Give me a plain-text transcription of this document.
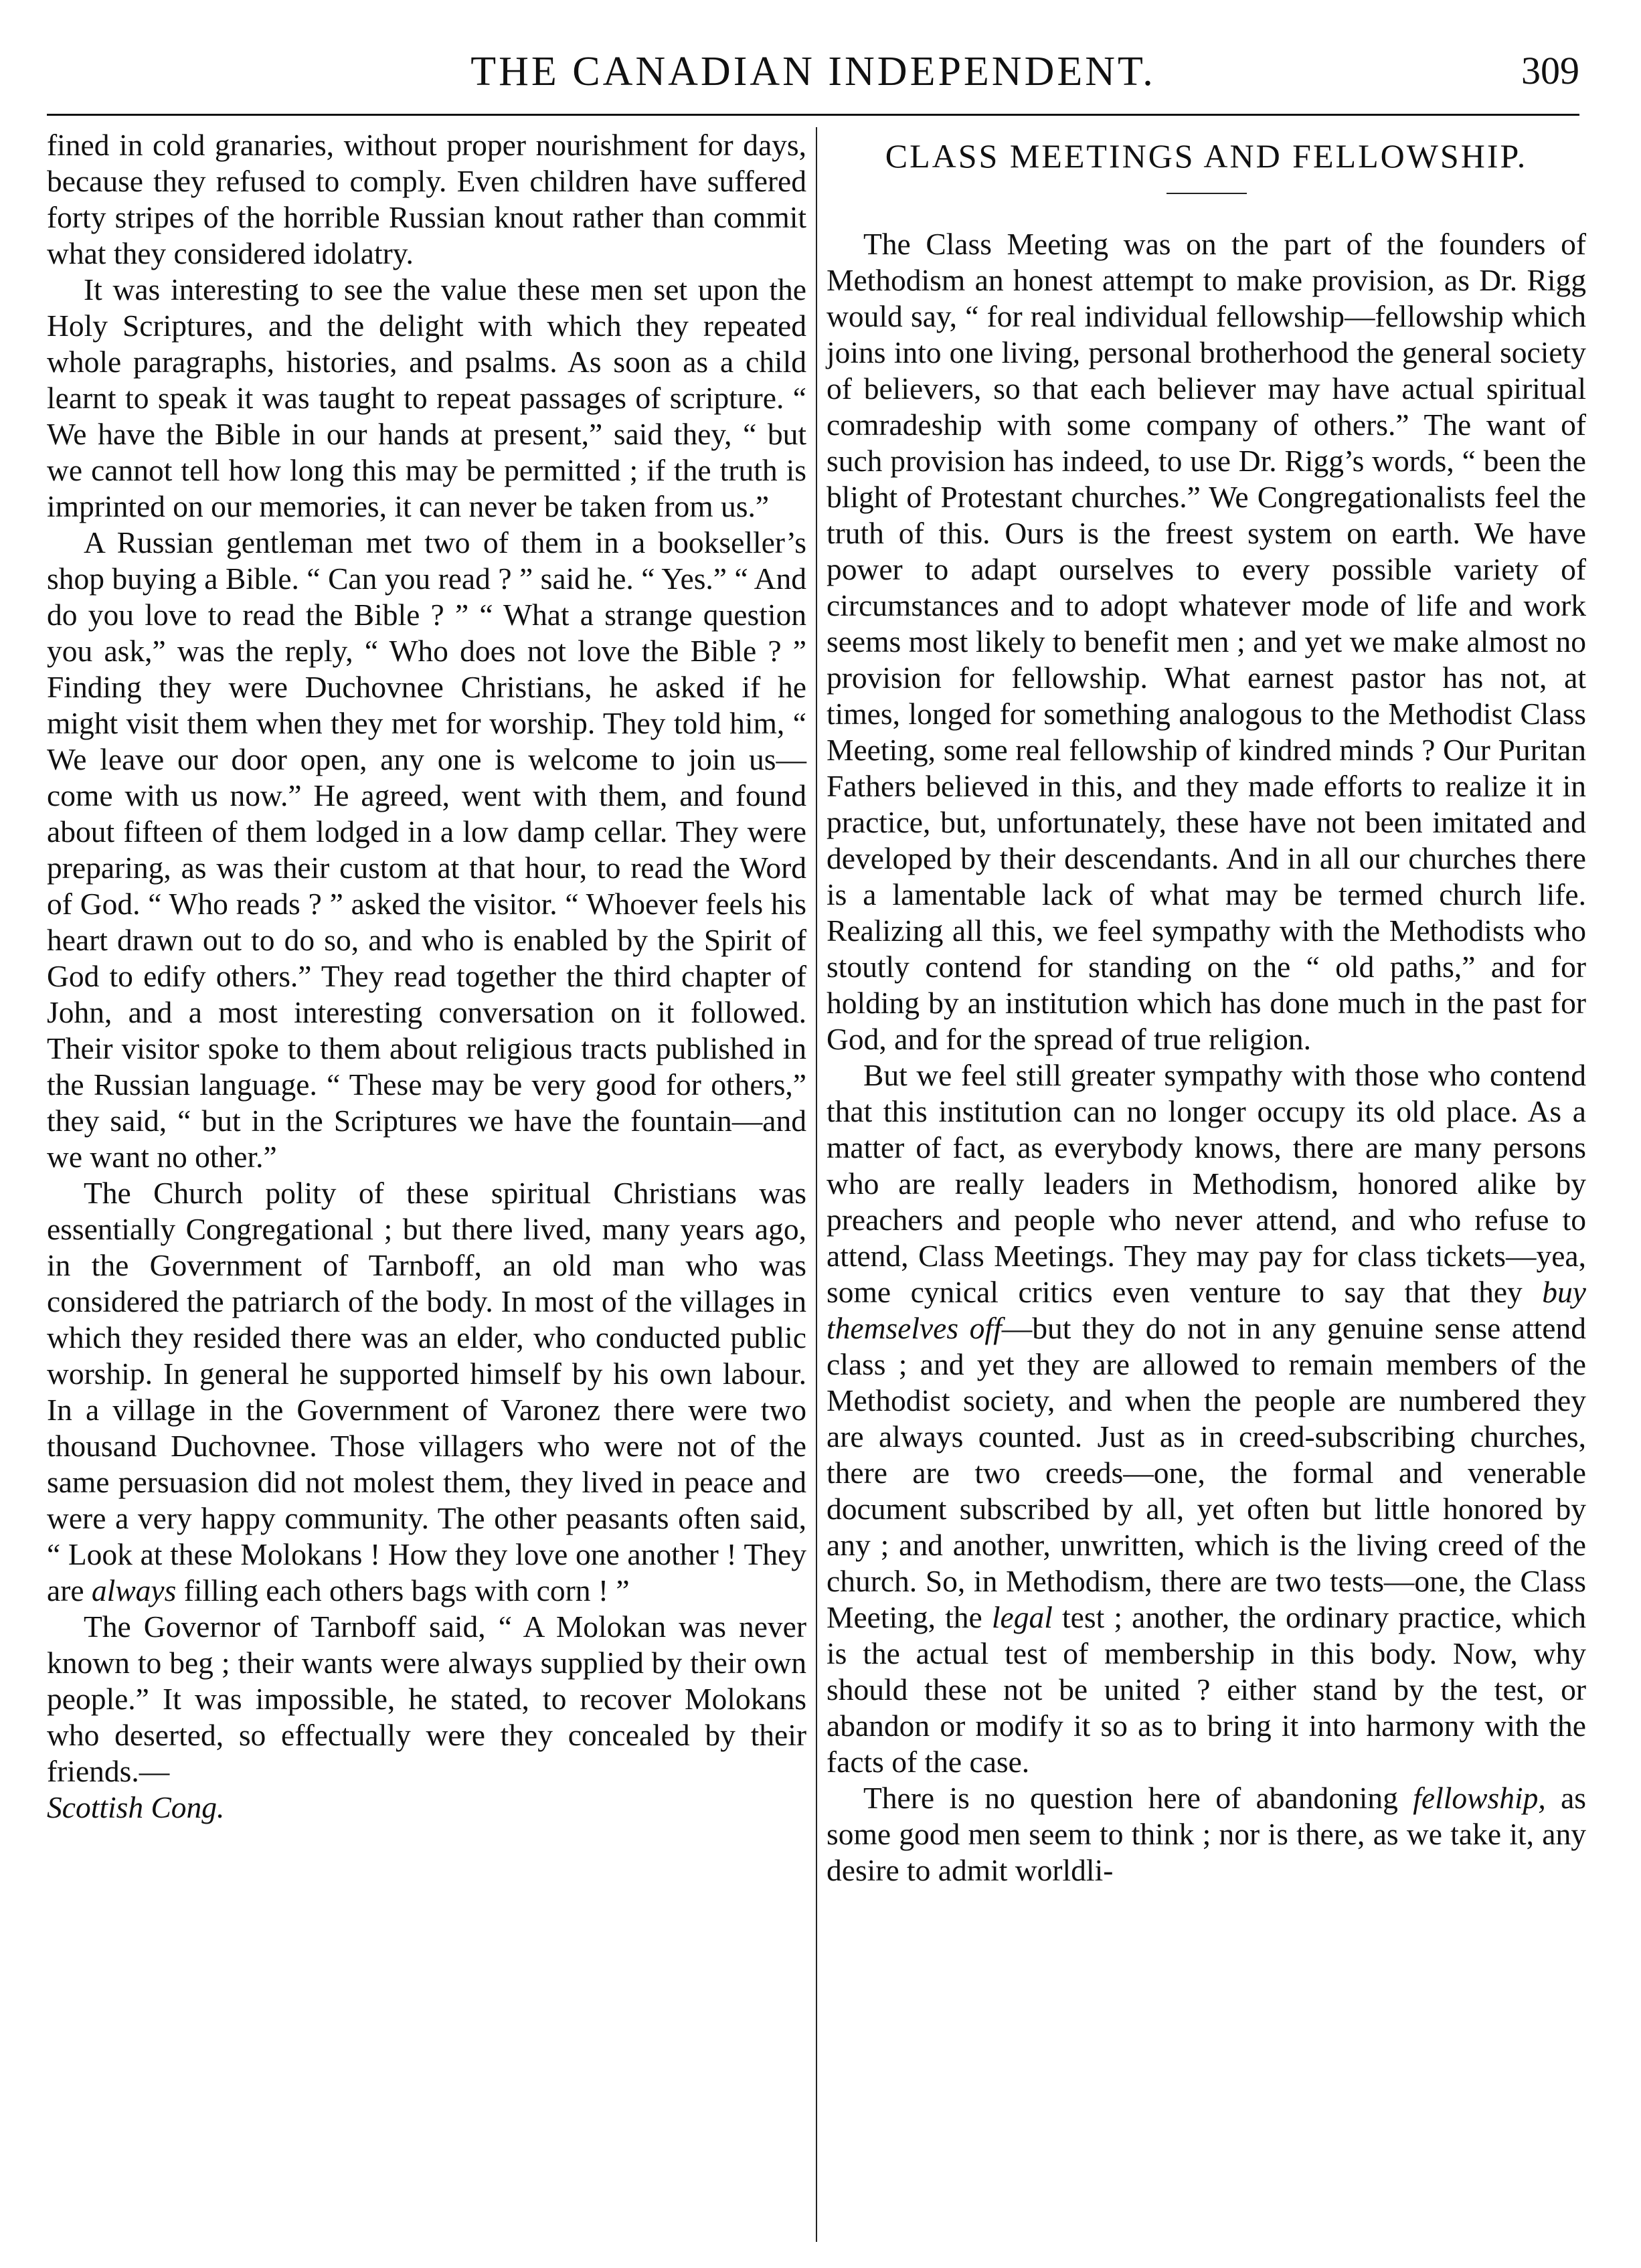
THE CANADIAN INDEPENDENT.	309

fined in cold granaries, without proper nourishment for days, because they refused to comply. Even children have suffered forty stripes of the horrible Russian knout rather than commit what they considered idolatry.

It was interesting to see the value these men set upon the Holy Scriptures, and the delight with which they repeated whole paragraphs, histories, and psalms. As soon as a child learnt to speak it was taught to repeat passages of scripture. “ We have the Bible in our hands at present,” said they, “ but we cannot tell how long this may be permitted ; if the truth is imprinted on our memories, it can never be taken from us.”

A Russian gentleman met two of them in a bookseller’s shop buying a Bible. “ Can you read ? ” said he. “ Yes.” “ And do you love to read the Bible ? ” “ What a strange question you ask,” was the reply, “ Who does not love the Bible ? ” Finding they were Duchovnee Christians, he asked if he might visit them when they met for worship. They told him, “ We leave our door open, any one is welcome to join us—come with us now.” He agreed, went with them, and found about fifteen of them lodged in a low damp cellar. They were preparing, as was their custom at that hour, to read the Word of God. “ Who reads ? ” asked the visitor. “ Whoever feels his heart drawn out to do so, and who is enabled by the Spirit of God to edify others.” They read together the third chapter of John, and a most interesting conversation on it followed. Their visitor spoke to them about religious tracts published in the Russian language. “ These may be very good for others,” they said, “ but in the Scriptures we have the fountain—and we want no other.”

The Church polity of these spiritual Christians was essentially Congregational ; but there lived, many years ago, in the Government of Tarnboff, an old man who was considered the patriarch of the body. In most of the villages in which they resided there was an elder, who conducted public worship. In general he supported himself by his own labour. In a village in the Government of Varonez there were two thousand Duchovnee. Those villagers who were not of the same persuasion did not molest them, they lived in peace and were a very happy community. The other peasants often said, “ Look at these Molokans ! How they love one another ! They are always filling each others bags with corn ! ”

The Governor of Tarnboff said, “ A Molokan was never known to beg ; their wants were always supplied by their own people.” It was impossible, he stated, to recover Molokans who deserted, so effectually were they concealed by their friends.—

Scottish Cong.
CLASS MEETINGS AND FELLOWSHIP.

The Class Meeting was on the part of the founders of Methodism an honest attempt to make provision, as Dr. Rigg would say, “ for real individual fellowship—fellowship which joins into one living, personal brotherhood the general society of believers, so that each believer may have actual spiritual comradeship with some company of others.” The want of such provision has indeed, to use Dr. Rigg’s words, “ been the blight of Protestant churches.” We Congregationalists feel the truth of this. Ours is the freest system on earth. We have power to adapt ourselves to every possible variety of circumstances and to adopt whatever mode of life and work seems most likely to benefit men ; and yet we make almost no provision for fellowship. What earnest pastor has not, at times, longed for something analogous to the Methodist Class Meeting, some real fellowship of kindred minds ? Our Puritan Fathers believed in this, and they made efforts to realize it in practice, but, unfortunately, these have not been imitated and developed by their descendants. And in all our churches there is a lamentable lack of what may be termed church life. Realizing all this, we feel sympathy with the Methodists who stoutly contend for standing on the “ old paths,” and for holding by an institution which has done much in the past for God, and for the spread of true religion.

But we feel still greater sympathy with those who contend that this institution can no longer occupy its old place. As a matter of fact, as everybody knows, there are many persons who are really leaders in Methodism, honored alike by preachers and people who never attend, and who refuse to attend, Class Meetings. They may pay for class tickets—yea, some cynical critics even venture to say that they buy themselves off—but they do not in any genuine sense attend class ; and yet they are allowed to remain members of the Methodist society, and when the people are numbered they are always counted. Just as in creed-subscribing churches, there are two creeds—one, the formal and venerable document subscribed by all, yet often but little honored by any ; and another, unwritten, which is the living creed of the church. So, in Methodism, there are two tests—one, the Class Meeting, the legal test ; another, the ordinary practice, which is the actual test of membership in this body. Now, why should these not be united ? either stand by the test, or abandon or modify it so as to bring it into harmony with the facts of the case.

There is no question here of abandoning fellowship, as some good men seem to think ; nor is there, as we take it, any desire to admit worldli-
